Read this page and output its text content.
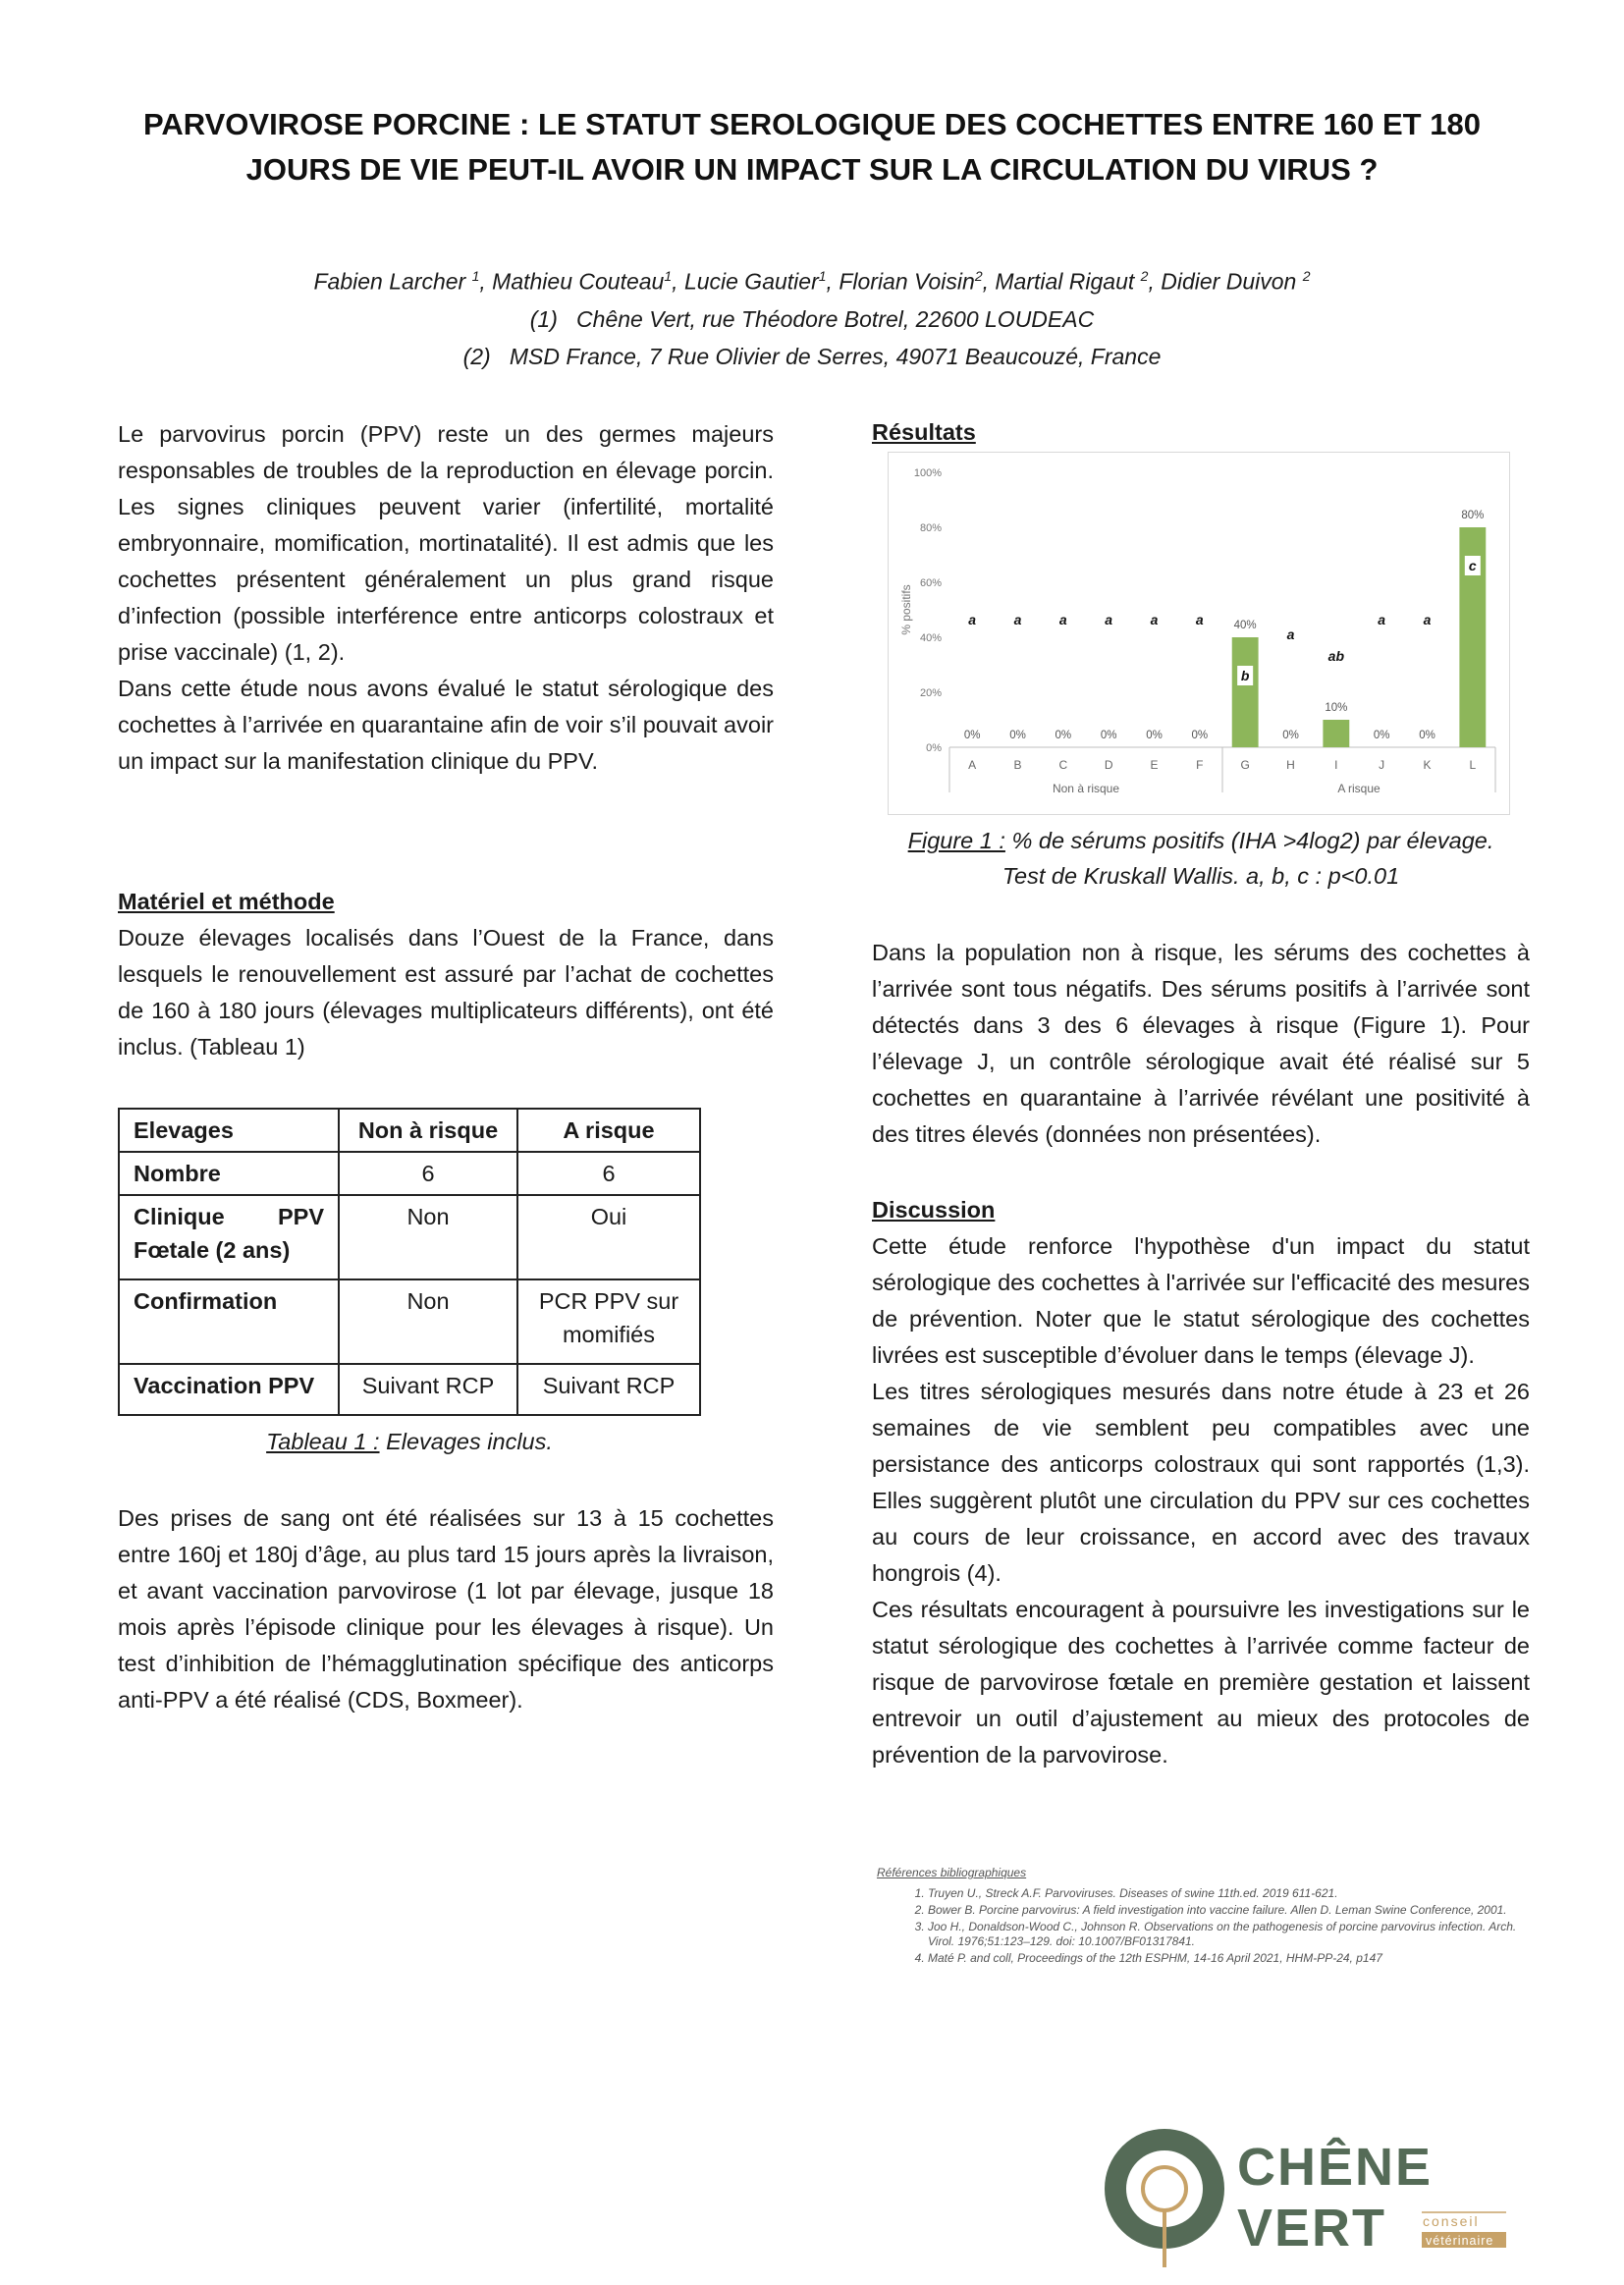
PARVOVIROSE PORCINE : LE STATUT SEROLOGIQUE DES COCHETTES ENTRE 160 ET 180 JOURS DE VIE PEUT-IL AVOIR UN IMPACT SUR LA CIRCULATION DU VIRUS ?
Fabien Larcher $^1$, Mathieu Couteau$^1$, Lucie Gautier$^1$, Florian Voisin$^2$, Martial Rigaut $^2$, Didier Duivon $^2$
(1)   Chêne Vert, rue Théodore Botrel, 22600 LOUDEAC
(2)   MSD France, 7 Rue Olivier de Serres, 49071 Beaucouzé, France

Le parvovirus porcin (PPV) reste un des germes majeurs responsables de troubles de la reproduction en élevage porcin. Les signes cliniques peuvent varier (infertilité, mortalité embryonnaire, momification, mortinatalité). Il est admis que les cochettes présentent généralement un plus grand risque d’infection (possible interférence entre anticorps colostraux et prise vaccinale) (1, 2).

Dans cette étude nous avons évalué le statut sérologique des cochettes à l’arrivée en quarantaine afin de voir s’il pouvait avoir un impact sur la manifestation clinique du PPV.

Matériel et méthode

Douze élevages localisés dans l’Ouest de la France, dans lesquels le renouvellement est assuré par l’achat de cochettes de 160 à 180 jours (élevages multiplicateurs différents), ont été inclus. (Tableau 1)

Elevages	Non à risque	A risque
Nombre	6	6

Clinique PPV
Fœtale (2 ans)	Non	Oui
Confirmation	Non	PCR PPV sur momifiés
Vaccination PPV	Suivant RCP	Suivant RCP
Tableau 1 : Elevages inclus.

Des prises de sang ont été réalisées sur 13 à 15 cochettes entre 160j et 180j d’âge, au plus tard 15 jours après la livraison, et avant vaccination parvovirose (1 lot par élevage, jusque 18 mois après l’épisode clinique pour les élevages à risque). Un test d’inhibition de l’hémagglutination spécifique des anticorps anti-PPV a été réalisé (CDS, Boxmeer).

Résultats

0%
20%
40%
60%
80%
100%
% positifs
0%
a
A
0%
a
B
0%
a
C
0%
a
D
0%
a
E
0%
a
F
40%
b
G
0%
a
H
10%
ab
I
0%
a
J
0%
a
K
80%
c
L
Non à risque	A risque
Figure 1 : % de sérums positifs (IHA >4log2) par élevage.
Test de Kruskall Wallis. a, b, c : p<0.01

Dans la population non à risque, les sérums des cochettes à l’arrivée sont tous négatifs. Des sérums positifs à l’arrivée sont détectés dans 3 des 6 élevages à risque (Figure 1). Pour l’élevage J, un contrôle sérologique avait été réalisé sur 5 cochettes en quarantaine à l’arrivée révélant une positivité à des titres élevés (données non présentées).

Discussion

Cette étude renforce l'hypothèse d'un impact du statut sérologique des cochettes à l'arrivée sur l'efficacité des mesures de prévention. Noter que le statut sérologique des cochettes livrées est susceptible d’évoluer dans le temps (élevage J).

Les titres sérologiques mesurés dans notre étude à 23 et 26 semaines de vie semblent peu compatibles avec une persistance des anticorps colostraux qui sont rapportés (1,3). Elles suggèrent plutôt une circulation du PPV sur ces cochettes au cours de leur croissance, en accord avec des travaux hongrois (4).

Ces résultats encouragent à poursuivre les investigations sur le statut sérologique des cochettes à l’arrivée comme facteur de risque de parvovirose fœtale en première gestation et laissent entrevoir un outil d’ajustement au mieux des protocoles de prévention de la parvovirose.

Références bibliographiques
1. Truyen U., Streck A.F. Parvoviruses. Diseases of swine 11th.ed. 2019 611-621.
2. Bower B. Porcine parvovirus: A field investigation into vaccine failure. Allen D. Leman Swine Conference, 2001.
3. Joo H., Donaldson-Wood C., Johnson R. Observations on the pathogenesis of porcine parvovirus infection. Arch. Virol. 1976;51:123–129. doi: 10.1007/BF01317841.
4. Maté P. and coll, Proceedings of the 12th ESPHM, 14-16 April 2021, HHM-PP-24, p147
CHÊNE
VERT	conseil
vétérinaire
